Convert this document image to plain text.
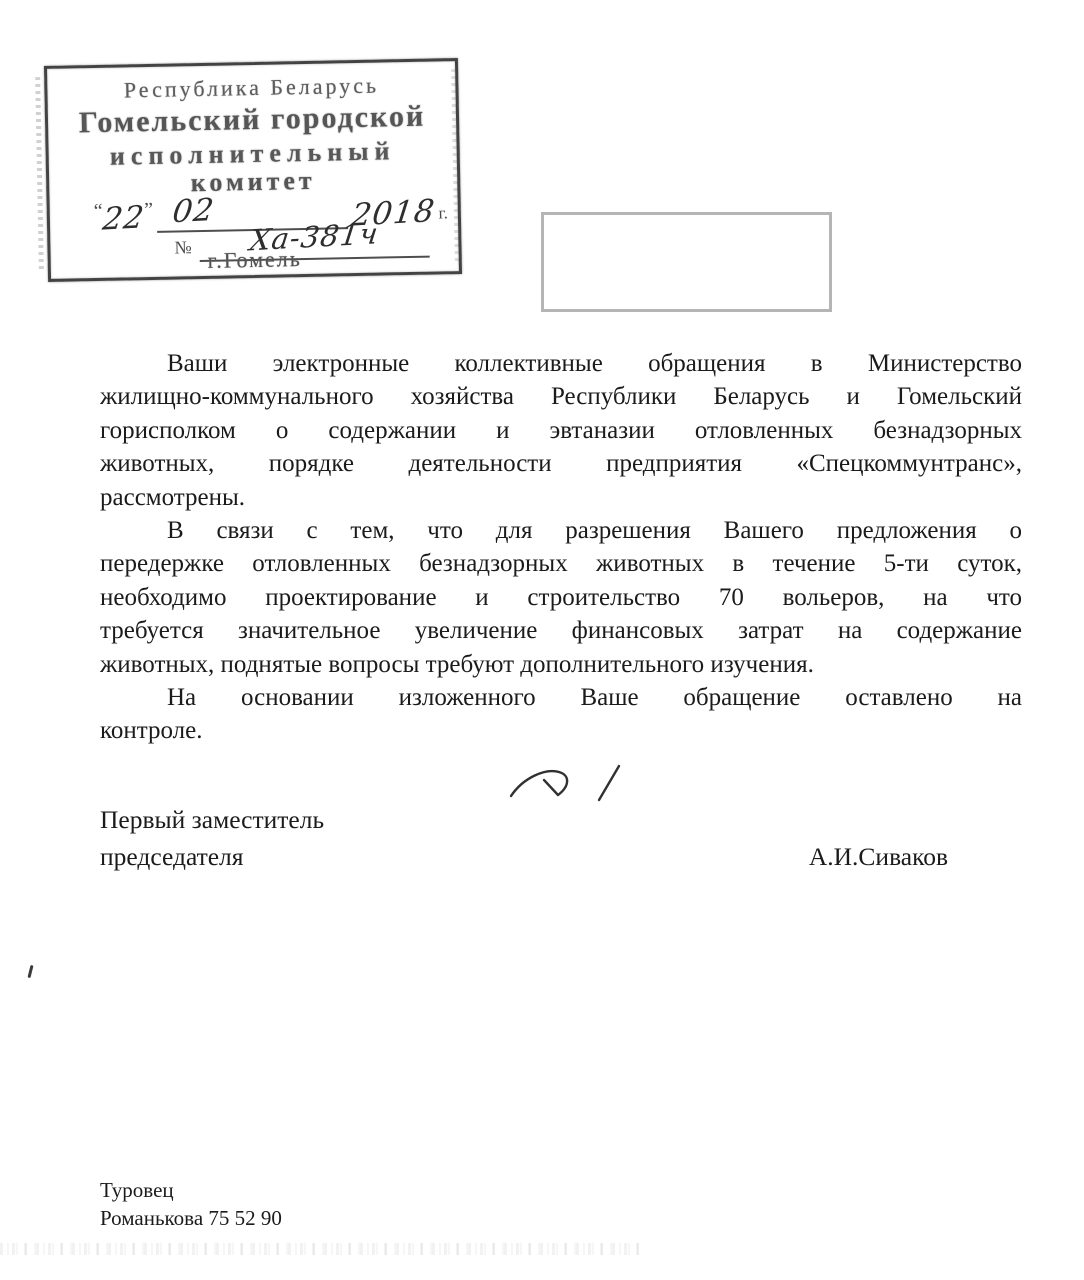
Республика Беларусь
Гомельский городской
исполнительный
комитет
“
22
” 02	2018 г.
№	Ха-381ч
г.Гомель
Ваши электронные коллективные обращения в Министерство
жилищно-коммунального хозяйства Республики Беларусь и Гомельский
горисполком о содержании и эвтаназии отловленных безнадзорных
животных, порядке деятельности предприятия «Спецкоммунтранс»,
рассмотрены.
В связи с тем, что для разрешения Вашего предложения о
передержке отловленных безнадзорных животных в течение 5-ти суток,
необходимо проектирование и строительство 70 вольеров, на что
требуется значительное увеличение финансовых затрат на содержание
животных, поднятые вопросы требуют дополнительного изучения.
На основании изложенного Ваше обращение оставлено на
контроле.
Первый заместитель
председателя	А.И.Сиваков
Туровец
Романькова 75 52 90
